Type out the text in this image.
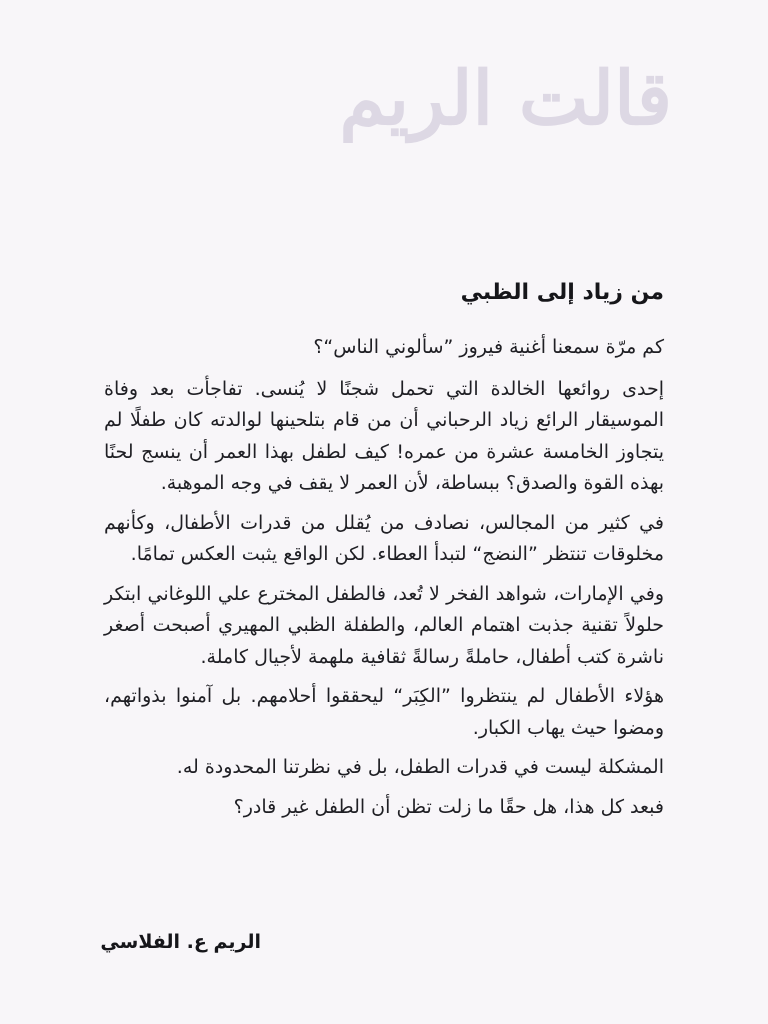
قالت الريم
من زياد إلى الظبي

كم مرّة سمعنا أغنية فيروز ”سألوني الناس“؟

إحدى روائعها الخالدة التي تحمل شجنًا لا يُنسى. تفاجأت بعد وفاة الموسيقار الرائع زياد الرحباني أن من قام بتلحينها لوالدته كان طفلًا لم يتجاوز الخامسة عشرة من عمره! كيف لطفل بهذا العمر أن ينسج لحنًا بهذه القوة والصدق؟ ببساطة، لأن العمر لا يقف في وجه الموهبة.

في كثير من المجالس، نصادف من يُقلل من قدرات الأطفال، وكأنهم مخلوقات تنتظر ”النضج“ لتبدأ العطاء. لكن الواقع يثبت العكس تمامًا.

وفي الإمارات، شواهد الفخر لا تُعد، فالطفل المخترع علي اللوغاني ابتكر حلولاً تقنية جذبت اهتمام العالم، والطفلة الظبي المهيري أصبحت أصغر ناشرة كتب أطفال، حاملةً رسالةً ثقافية ملهمة لأجيال كاملة.

هؤلاء الأطفال لم ينتظروا ”الكِبَر“ ليحققوا أحلامهم. بل آمنوا بذواتهم، ومضوا حيث يهاب الكبار.

المشكلة ليست في قدرات الطفل، بل في نظرتنا المحدودة له.

فبعد كل هذا، هل حقًا ما زلت تظن أن الطفل غير قادر؟

الريم ع. الفلاسي
